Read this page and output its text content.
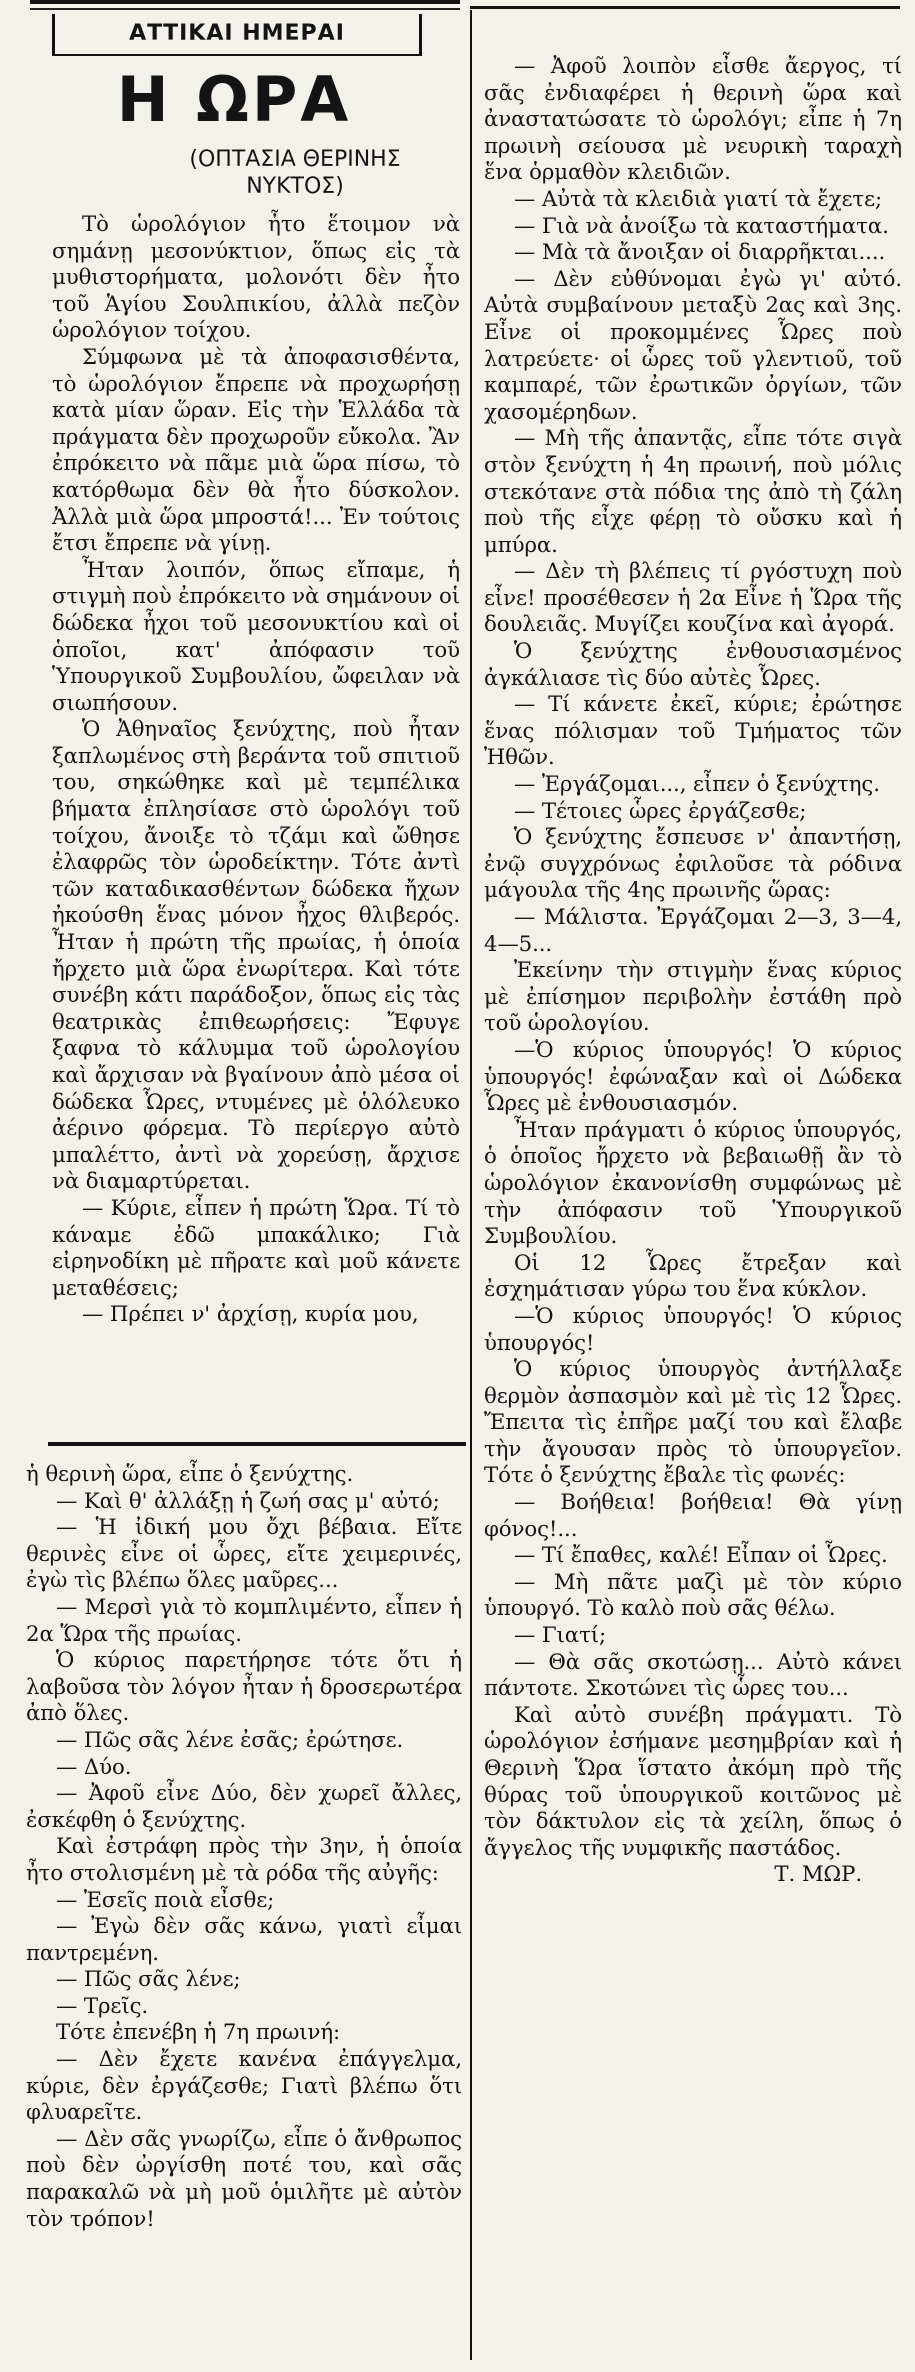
ΑΤΤΙΚΑΙ ΗΜΕΡΑΙ
Η ΩΡΑ
(ΟΠΤΑΣΙΑ ΘΕΡΙΝΗΣ ΝΥΚΤΟΣ)

Τὸ ὡρολόγιον ἦτο ἕτοιμον νὰ σημάνῃ μεσονύκτιον, ὅπως εἰς τὰ μυθιστορήματα, μολονότι δὲν ἦτο τοῦ Ἁγίου Σουλπικίου, ἀλλὰ πεζὸν ὡρολόγιον τοίχου.

Σύμφωνα μὲ τὰ ἀποφασισθέντα, τὸ ὡρολόγιον ἔπρεπε νὰ προχωρήσῃ κατὰ μίαν ὥραν. Εἰς τὴν Ἑλλάδα τὰ πράγματα δὲν προχωροῦν εὔκολα. Ἂν ἐπρόκειτο νὰ πᾶμε μιὰ ὥρα πίσω, τὸ κατόρθωμα δὲν θὰ ἦτο δύσκολον. Ἀλλὰ μιὰ ὥρα μπροστά!... Ἐν τούτοις ἔτσι ἔπρεπε νὰ γίνῃ.

Ἦταν λοιπόν, ὅπως εἴπαμε, ἡ στιγμὴ ποὺ ἐπρόκειτο νὰ σημάνουν οἱ δώδεκα ἦχοι τοῦ μεσονυκτίου καὶ οἱ ὁποῖοι, κατ' ἀπόφασιν τοῦ Ὑπουργικοῦ Συμβουλίου, ὤφειλαν νὰ σιωπήσουν.

Ὁ Ἀθηναῖος ξενύχτης, ποὺ ἦταν ξαπλωμένος στὴ βεράντα τοῦ σπιτιοῦ του, σηκώθηκε καὶ μὲ τεμπέλικα βήματα ἐπλησίασε στὸ ὡρολόγι τοῦ τοίχου, ἄνοιξε τὸ τζάμι καὶ ὤθησε ἐλαφρῶς τὸν ὡροδείκτην. Τότε ἀντὶ τῶν καταδικασθέντων δώδεκα ἤχων ἠκούσθη ἕνας μόνον ἦχος θλιβερός. Ἦταν ἡ πρώτη τῆς πρωίας, ἡ ὁποία ἤρχετο μιὰ ὥρα ἐνωρίτερα. Καὶ τότε συνέβη κάτι παράδοξον, ὅπως εἰς τὰς θεατρικὰς ἐπιθεωρήσεις: Ἔφυγε ξαφνα τὸ κάλυμμα τοῦ ὡρολογίου καὶ ἄρχισαν νὰ βγαίνουν ἀπὸ μέσα οἱ δώδεκα Ὧρες, ντυμένες μὲ ὁλόλευκο ἀέρινο φόρεμα. Τὸ περίεργο αὐτὸ μπαλέττο, ἀντὶ νὰ χορεύσῃ, ἄρχισε νὰ διαμαρτύρεται.

— Κύριε, εἶπεν ἡ πρώτη Ὥρα. Τί τὸ κάναμε ἐδῶ μπακάλικο; Γιὰ εἰρηνοδίκη μὲ πῆρατε καὶ μοῦ κάνετε μεταθέσεις;

— Πρέπει ν' ἀρχίσῃ, κυρία μου,

ἡ θερινὴ ὥρα, εἶπε ὁ ξενύχτης.

— Καὶ θ' ἀλλάξῃ ἡ ζωή σας μ' αὐτό;

— Ἡ ἰδική μου ὄχι βέβαια. Εἴτε θερινὲς εἶνε οἱ ὧρες, εἴτε χειμερινές, ἐγὼ τὶς βλέπω ὅλες μαῦρες...

— Μερσὶ γιὰ τὸ κομπλιμέντο, εἶπεν ἡ 2α Ὥρα τῆς πρωίας.

Ὁ κύριος παρετήρησε τότε ὅτι ἡ λαβοῦσα τὸν λόγον ἦταν ἡ δροσερωτέρα ἀπὸ ὅλες.

— Πῶς σᾶς λένε ἐσᾶς; ἐρώτησε.

— Δύο.

— Ἀφοῦ εἶνε Δύο, δὲν χωρεῖ ἄλλες, ἐσκέφθη ὁ ξενύχτης.

Καὶ ἐστράφη πρὸς τὴν 3ην, ἡ ὁποία ἦτο στολισμένη μὲ τὰ ρόδα τῆς αὐγῆς:

— Ἐσεῖς ποιὰ εἶσθε;

— Ἐγὼ δὲν σᾶς κάνω, γιατὶ εἶμαι παντρεμένη.

— Πῶς σᾶς λένε;

— Τρεῖς.

Τότε ἐπενέβη ἡ 7η πρωινή:

— Δὲν ἔχετε κανένα ἐπάγγελμα, κύριε, δὲν ἐργάζεσθε; Γιατὶ βλέπω ὅτι φλυαρεῖτε.

— Δὲν σᾶς γνωρίζω, εἶπε ὁ ἄνθρωπος ποὺ δὲν ὠργίσθη ποτέ του, καὶ σᾶς παρακαλῶ νὰ μὴ μοῦ ὁμιλῆτε μὲ αὐτὸν τὸν τρόπον!

— Ἀφοῦ λοιπὸν εἶσθε ἄεργος, τί σᾶς ἐνδιαφέρει ἡ θερινὴ ὥρα καὶ ἀναστατώσατε τὸ ὡρολόγι; εἶπε ἡ 7η πρωινὴ σείουσα μὲ νευρικὴ ταραχὴ ἕνα ὁρμαθὸν κλειδιῶν.

— Αὐτὰ τὰ κλειδιὰ γιατί τὰ ἔχετε;

— Γιὰ νὰ ἀνοίξω τὰ καταστήματα.

— Μὰ τὰ ἄνοιξαν οἱ διαρρῆκται....

— Δὲν εὐθύνομαι ἐγὼ γι' αὐτό. Αὐτὰ συμβαίνουν μεταξὺ 2ας καὶ 3ης. Εἶνε οἱ προκομμένες Ὧρες ποὺ λατρεύετε· οἱ ὧρες τοῦ γλεντιοῦ, τοῦ καμπαρέ, τῶν ἐρωτικῶν ὀργίων, τῶν χασομέρηδων.

— Μὴ τῆς ἀπαντᾷς, εἶπε τότε σιγὰ στὸν ξενύχτη ἡ 4η πρωινή, ποὺ μόλις στεκότανε στὰ πόδια της ἀπὸ τὴ ζάλη ποὺ τῆς εἶχε φέρῃ τὸ οὔσκυ καὶ ἡ μπύρα.

— Δὲν τὴ βλέπεις τί ργόστυχη ποὺ εἶνε! προσέθεσεν ἡ 2α Εἶνε ἡ Ὥρα τῆς δουλειᾶς. Μυγίζει κουζίνα καὶ ἀγορά.

Ὁ ξενύχτης ἐνθουσιασμένος ἀγκάλιασε τὶς δύο αὐτὲς Ὧρες.

— Τί κάνετε ἐκεῖ, κύριε; ἐρώτησε ἕνας πόλισμαν τοῦ Τμήματος τῶν Ἠθῶν.

— Ἐργάζομαι..., εἶπεν ὁ ξενύχτης.

— Τέτοιες ὧρες ἐργάζεσθε;

Ὁ ξενύχτης ἔσπευσε ν' ἀπαντήσῃ, ἐνῷ συγχρόνως ἐφιλοῦσε τὰ ρόδινα μάγουλα τῆς 4ης πρωινῆς ὥρας:

— Μάλιστα. Ἐργάζομαι 2—3, 3—4, 4—5...

Ἐκείνην τὴν στιγμὴν ἕνας κύριος μὲ ἐπίσημον περιβολὴν ἐστάθη πρὸ τοῦ ὡρολογίου.

—Ὁ κύριος ὑπουργός! Ὁ κύριος ὑπουργός! ἐφώναξαν καὶ οἱ Δώδεκα Ὧρες μὲ ἐνθουσιασμόν.

Ἦταν πράγματι ὁ κύριος ὑπουργός, ὁ ὁποῖος ἤρχετο νὰ βεβαιωθῇ ἂν τὸ ὡρολόγιον ἐκανονίσθη συμφώνως μὲ τὴν ἀπόφασιν τοῦ Ὑπουργικοῦ Συμβουλίου.

Οἱ 12 Ὧρες ἔτρεξαν καὶ ἐσχημάτισαν γύρω του ἕνα κύκλον.

—Ὁ κύριος ὑπουργός! Ὁ κύριος ὑπουργός!

Ὁ κύριος ὑπουργὸς ἀντήλλαξε θερμὸν ἀσπασμὸν καὶ μὲ τὶς 12 Ὧρες. Ἔπειτα τὶς ἐπῆρε μαζί του καὶ ἔλαβε τὴν ἄγουσαν πρὸς τὸ ὑπουργεῖον. Τότε ὁ ξενύχτης ἔβαλε τὶς φωνές:

— Βοήθεια! βοήθεια! Θὰ γίνῃ φόνος!...

— Τί ἔπαθες, καλέ! Εἶπαν οἱ Ὧρες.

— Μὴ πᾶτε μαζὶ μὲ τὸν κύριο ὑπουργό. Τὸ καλὸ ποὺ σᾶς θέλω.

— Γιατί;

— Θὰ σᾶς σκοτώσῃ... Αὐτὸ κάνει πάντοτε. Σκοτώνει τὶς ὧρες του...

Καὶ αὐτὸ συνέβη πράγματι. Τὸ ὡρολόγιον ἐσήμανε μεσημβρίαν καὶ ἡ Θερινὴ Ὥρα ἵστατο ἀκόμη πρὸ τῆς θύρας τοῦ ὑπουργικοῦ κοιτῶνος μὲ τὸν δάκτυλον εἰς τὰ χείλη, ὅπως ὁ ἄγγελος τῆς νυμφικῆς παστάδος.

Τ. ΜΩΡ.
